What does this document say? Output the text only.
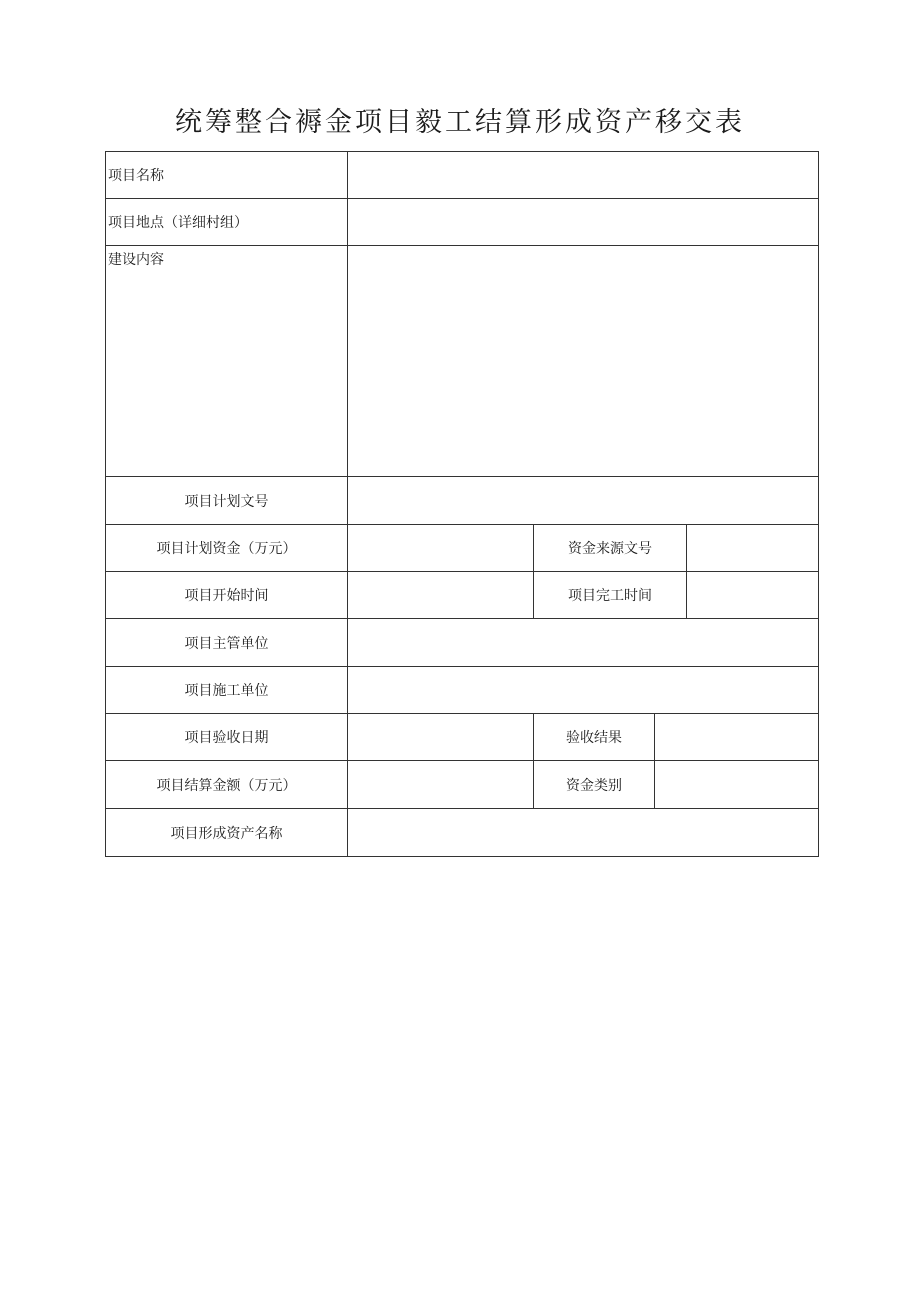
统筹整合褥金项目毅工结算形成资产移交表
项目名称
项目地点（详细村组）
建设内容
项目计划文号
项目计划资金（万元）	资金来源文号
项目开始时间	项目完工时间
项目主管单位
项目施工单位
项目验收日期	验收结果
项目结算金额（万元）	资金类别
项目形成资产名称
